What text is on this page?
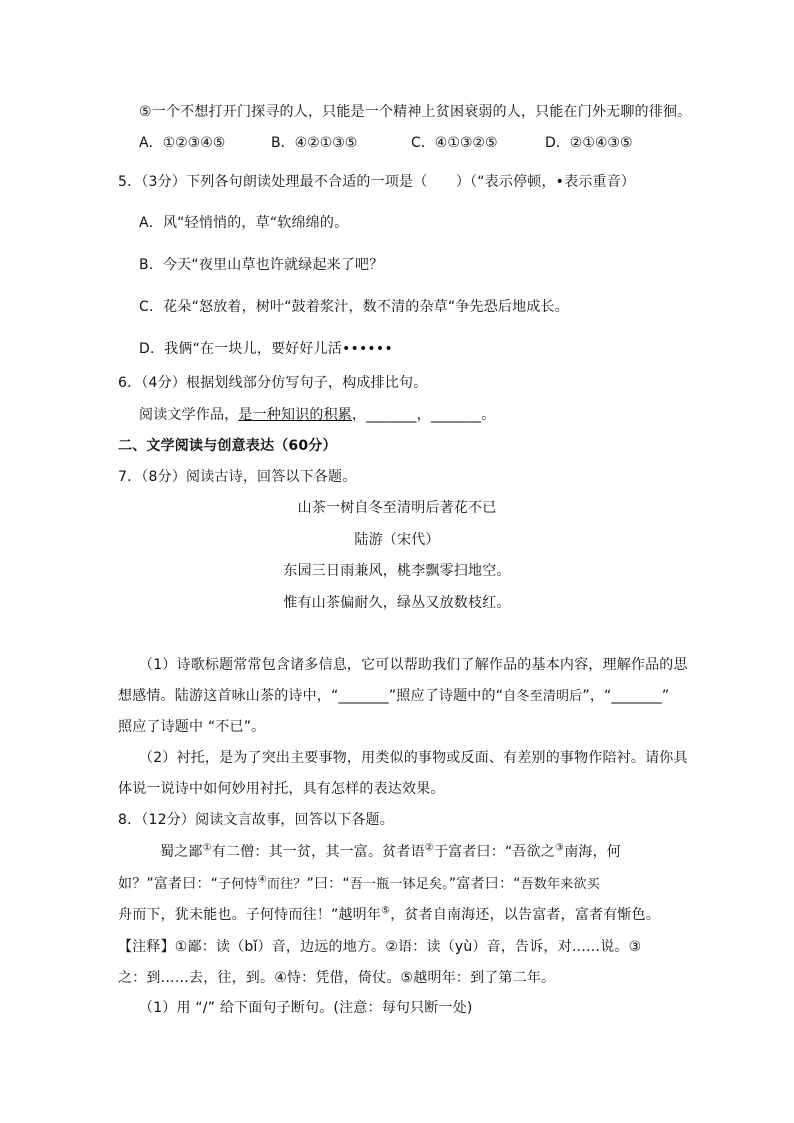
⑤一个不想打开门探寻的人，只能是一个精神上贫困衰弱的人，只能在门外无聊的徘徊。
A．①②③④⑤	B．④②①③⑤	C．④①③②⑤	D．②①④③⑤
5．（3分）下列各句朗读处理最不合适的一项是（　　）（“表示停顿，•表示重音）
A．风“轻悄悄的，草“软绵绵的。
B．今天“夜里山草也许就绿起来了吧？
C．花朵“怒放着，树叶“鼓着浆汁，数不清的杂草“争先恐后地成长。
D．我俩“在一块儿，要好好儿活••••••
6．（4分）根据划线部分仿写句子，构成排比句。
阅读文学作品，是一种知识的积累，_______，_______。
二、文学阅读与创意表达（60分）
7．（8分）阅读古诗，回答以下各题。
山茶一树自冬至清明后著花不已
陆游（宋代）
东园三日雨兼风，桃李飘零扫地空。
惟有山茶偏耐久，绿丛又放数枝红。
（1）诗歌标题常常包含诸多信息，它可以帮助我们了解作品的基本内容，理解作品的思
想感情。陆游这首咏山茶的诗中，“_______”照应了诗题中的“自冬至清明后”，“_______”
照应了诗题中 “不已”。
（2）衬托，是为了突出主要事物，用类似的事物或反面、有差别的事物作陪衬。请你具
体说一说诗中如何妙用衬托，具有怎样的表达效果。
8．（12分）阅读文言故事，回答以下各题。
蜀之鄙①有二僧：其一贫，其一富。贫者语②于富者曰：“吾欲之③南海，何
如？”富者曰：“子何恃④而往？”曰：“吾一瓶一钵足矣。”富者曰：“吾数年来欲买
舟而下，犹未能也。子何恃而往！”越明年⑤，贫者自南海还，以告富者，富者有惭色。
【注释】①鄙：读（bǐ）音，边远的地方。②语：读（yù）音，告诉，对……说。③
之：到……去，往，到。④恃：凭借，倚仗。⑤越明年：到了第二年。
（1）用 “/” 给下面句子断句。(注意：每句只断一处)
